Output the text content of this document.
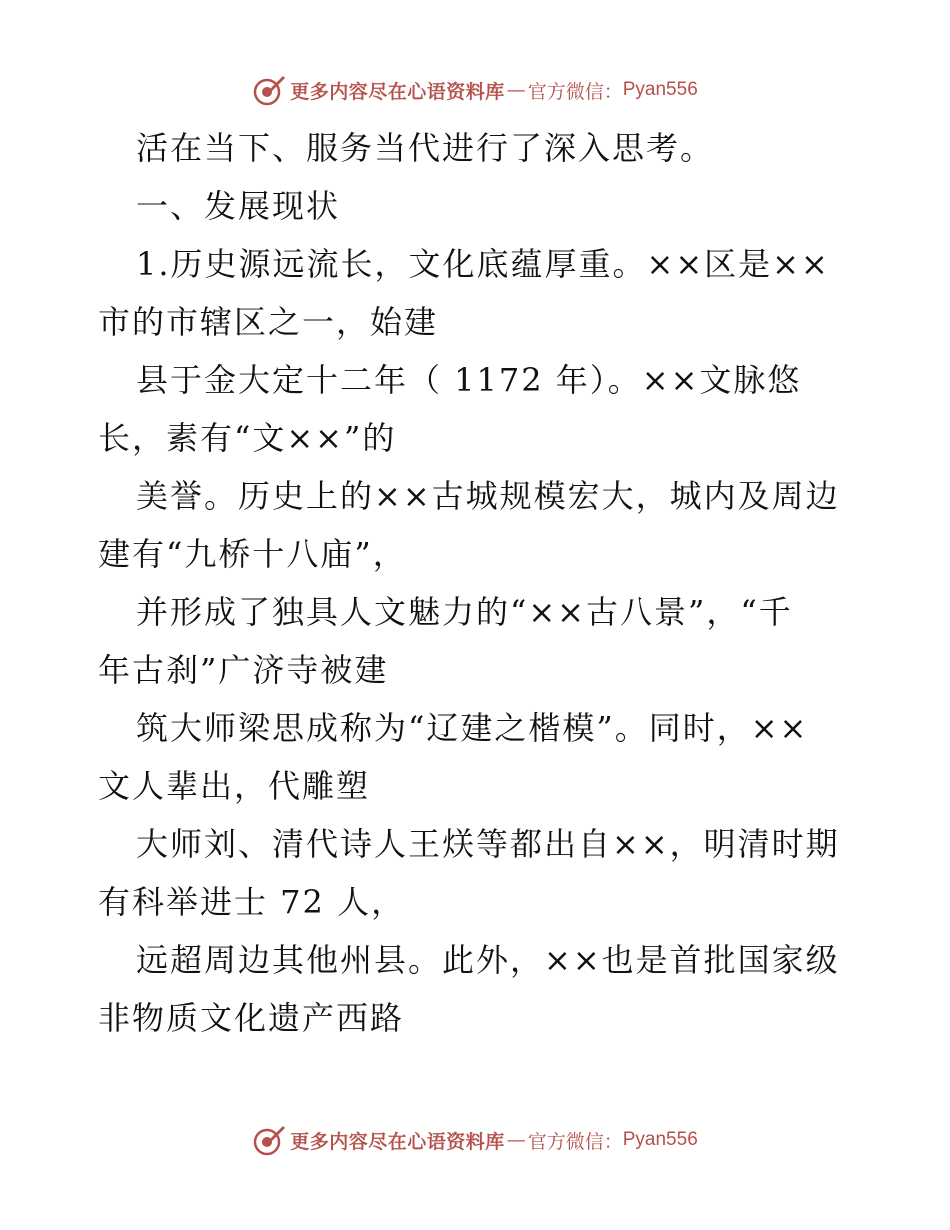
更多内容尽在心语资料库 — 官方微信： Pyan556
活在当下、服务当代进行了深入思考。
一、发展现状
1.历史源远流长，文化底蕴厚重。××区是××
市的市辖区之一，始建
县于金大定十二年（ 1172 年）。××文脉悠
长，素有“文××”的
美誉。历史上的××古城规模宏大，城内及周边
建有“九桥十八庙”，
并形成了独具人文魅力的“××古八景”，“千
年古刹”广济寺被建
筑大师梁思成称为“辽建之楷模”。同时，××
文人辈出，代雕塑
大师刘、清代诗人王烪等都出自××，明清时期
有科举进士 72 人，
远超周边其他州县。此外，××也是首批国家级
非物质文化遗产西路
更多内容尽在心语资料库 — 官方微信： Pyan556
